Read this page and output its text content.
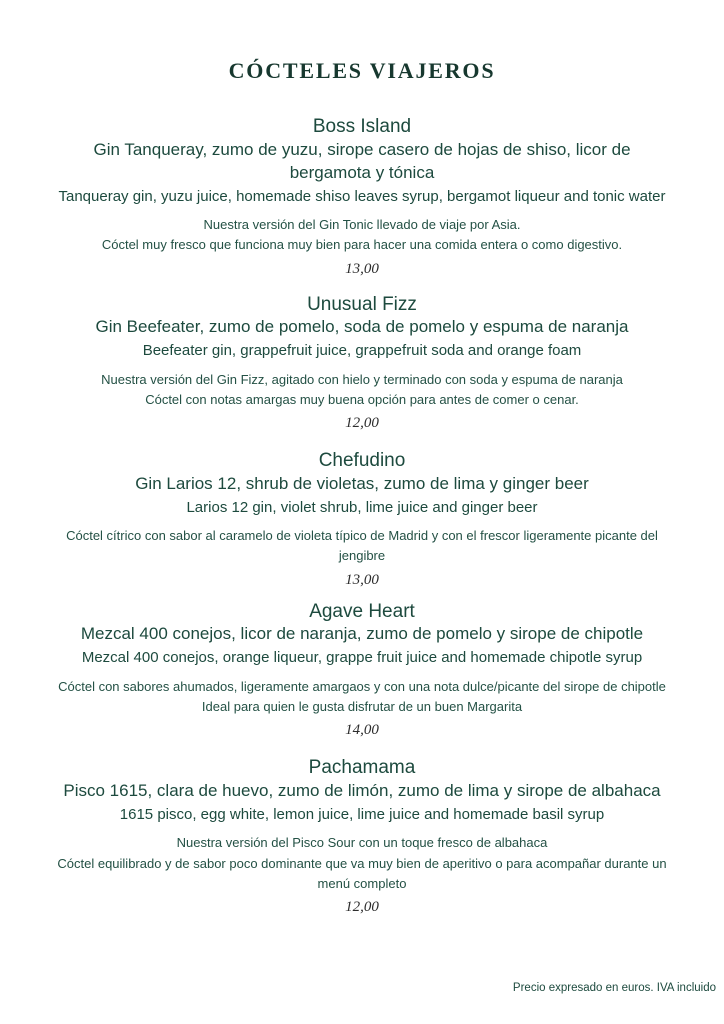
CÓCTELES VIAJEROS
Boss Island

Gin Tanqueray, zumo de yuzu, sirope casero de hojas de shiso, licor de bergamota y tónica

Tanqueray gin, yuzu juice, homemade shiso leaves syrup, bergamot liqueur and tonic water

Nuestra versión del Gin Tonic llevado de viaje por Asia.

Cóctel muy fresco que funciona muy bien para hacer una comida entera o como digestivo.

13,00

Unusual Fizz

Gin Beefeater, zumo de pomelo, soda de pomelo y espuma de naranja

Beefeater gin, grappefruit juice, grappefruit soda and orange foam

Nuestra versión del Gin Fizz, agitado con hielo y terminado con soda y espuma de naranja

Cóctel con notas amargas muy buena opción para antes de comer o cenar.

12,00

Chefudino

Gin Larios 12, shrub de violetas, zumo de lima y ginger beer

Larios 12 gin, violet shrub, lime juice and ginger beer

Cóctel cítrico con sabor al caramelo de violeta típico de Madrid y con el frescor ligeramente picante del jengibre

13,00

Agave Heart

Mezcal 400 conejos, licor de naranja, zumo de pomelo y sirope de chipotle

Mezcal 400 conejos, orange liqueur, grappe fruit juice and homemade chipotle syrup

Cóctel con sabores ahumados, ligeramente amargaos y con una nota dulce/picante del sirope de chipotle

Ideal para quien le gusta disfrutar de un buen Margarita

14,00

Pachamama

Pisco 1615, clara de huevo, zumo de limón, zumo de lima y sirope de albahaca

1615 pisco, egg white, lemon juice, lime juice and homemade basil syrup

Nuestra versión del Pisco Sour con un toque fresco de albahaca

Cóctel equilibrado y de sabor poco dominante que va muy bien de aperitivo o para acompañar durante un menú completo

12,00

Precio expresado en euros. IVA incluido
